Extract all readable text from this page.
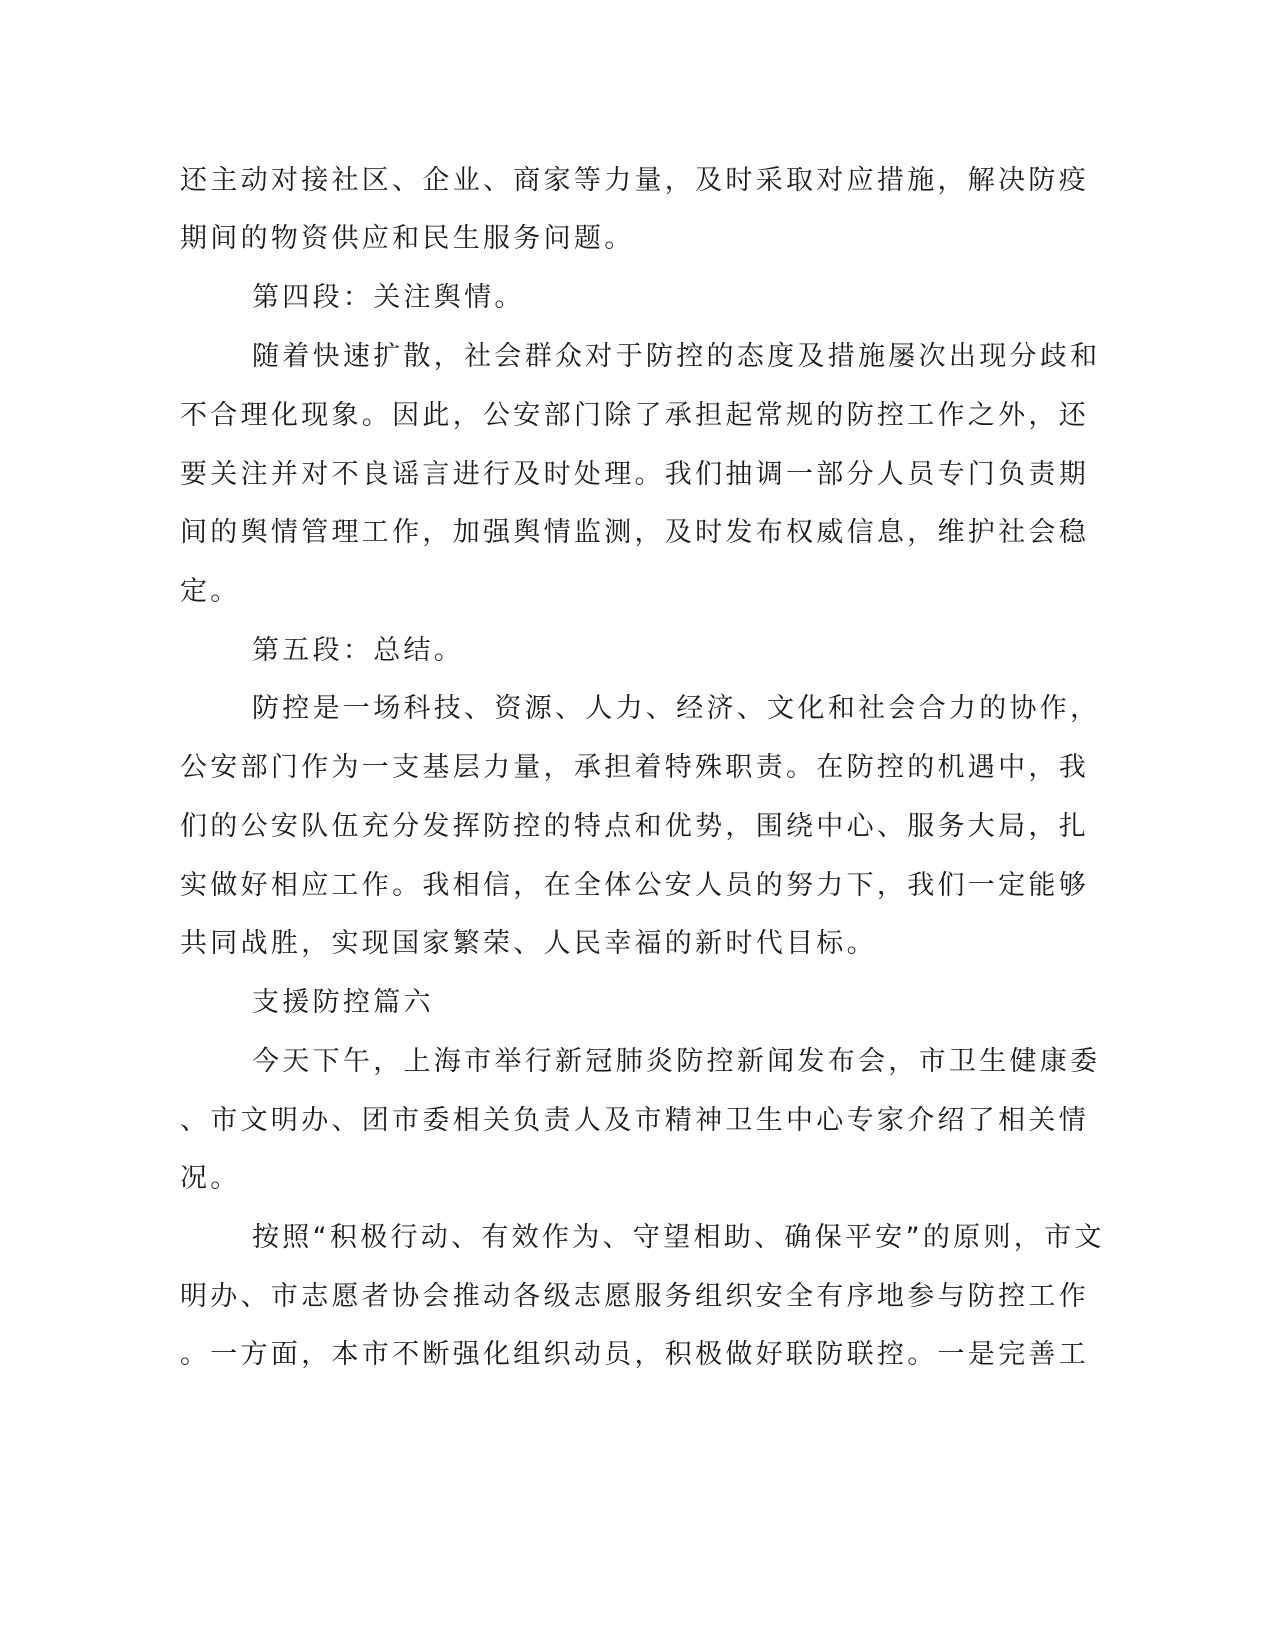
还主动对接社区、企业、商家等力量，及时采取对应措施，解决防疫
期间的物资供应和民生服务问题。
第四段：关注舆情。
随着快速扩散，社会群众对于防控的态度及措施屡次出现分歧和
不合理化现象。因此，公安部门除了承担起常规的防控工作之外，还
要关注并对不良谣言进行及时处理。我们抽调一部分人员专门负责期
间的舆情管理工作，加强舆情监测，及时发布权威信息，维护社会稳
定。
第五段：总结。
防控是一场科技、资源、人力、经济、文化和社会合力的协作，
公安部门作为一支基层力量，承担着特殊职责。在防控的机遇中，我
们的公安队伍充分发挥防控的特点和优势，围绕中心、服务大局，扎
实做好相应工作。我相信，在全体公安人员的努力下，我们一定能够
共同战胜，实现国家繁荣、人民幸福的新时代目标。
支援防控篇六
今天下午，上海市举行新冠肺炎防控新闻发布会，市卫生健康委
、市文明办、团市委相关负责人及市精神卫生中心专家介绍了相关情
况。
按照“积极行动、有效作为、守望相助、确保平安”的原则，市文
明办、市志愿者协会推动各级志愿服务组织安全有序地参与防控工作
。一方面，本市不断强化组织动员，积极做好联防联控。一是完善工
